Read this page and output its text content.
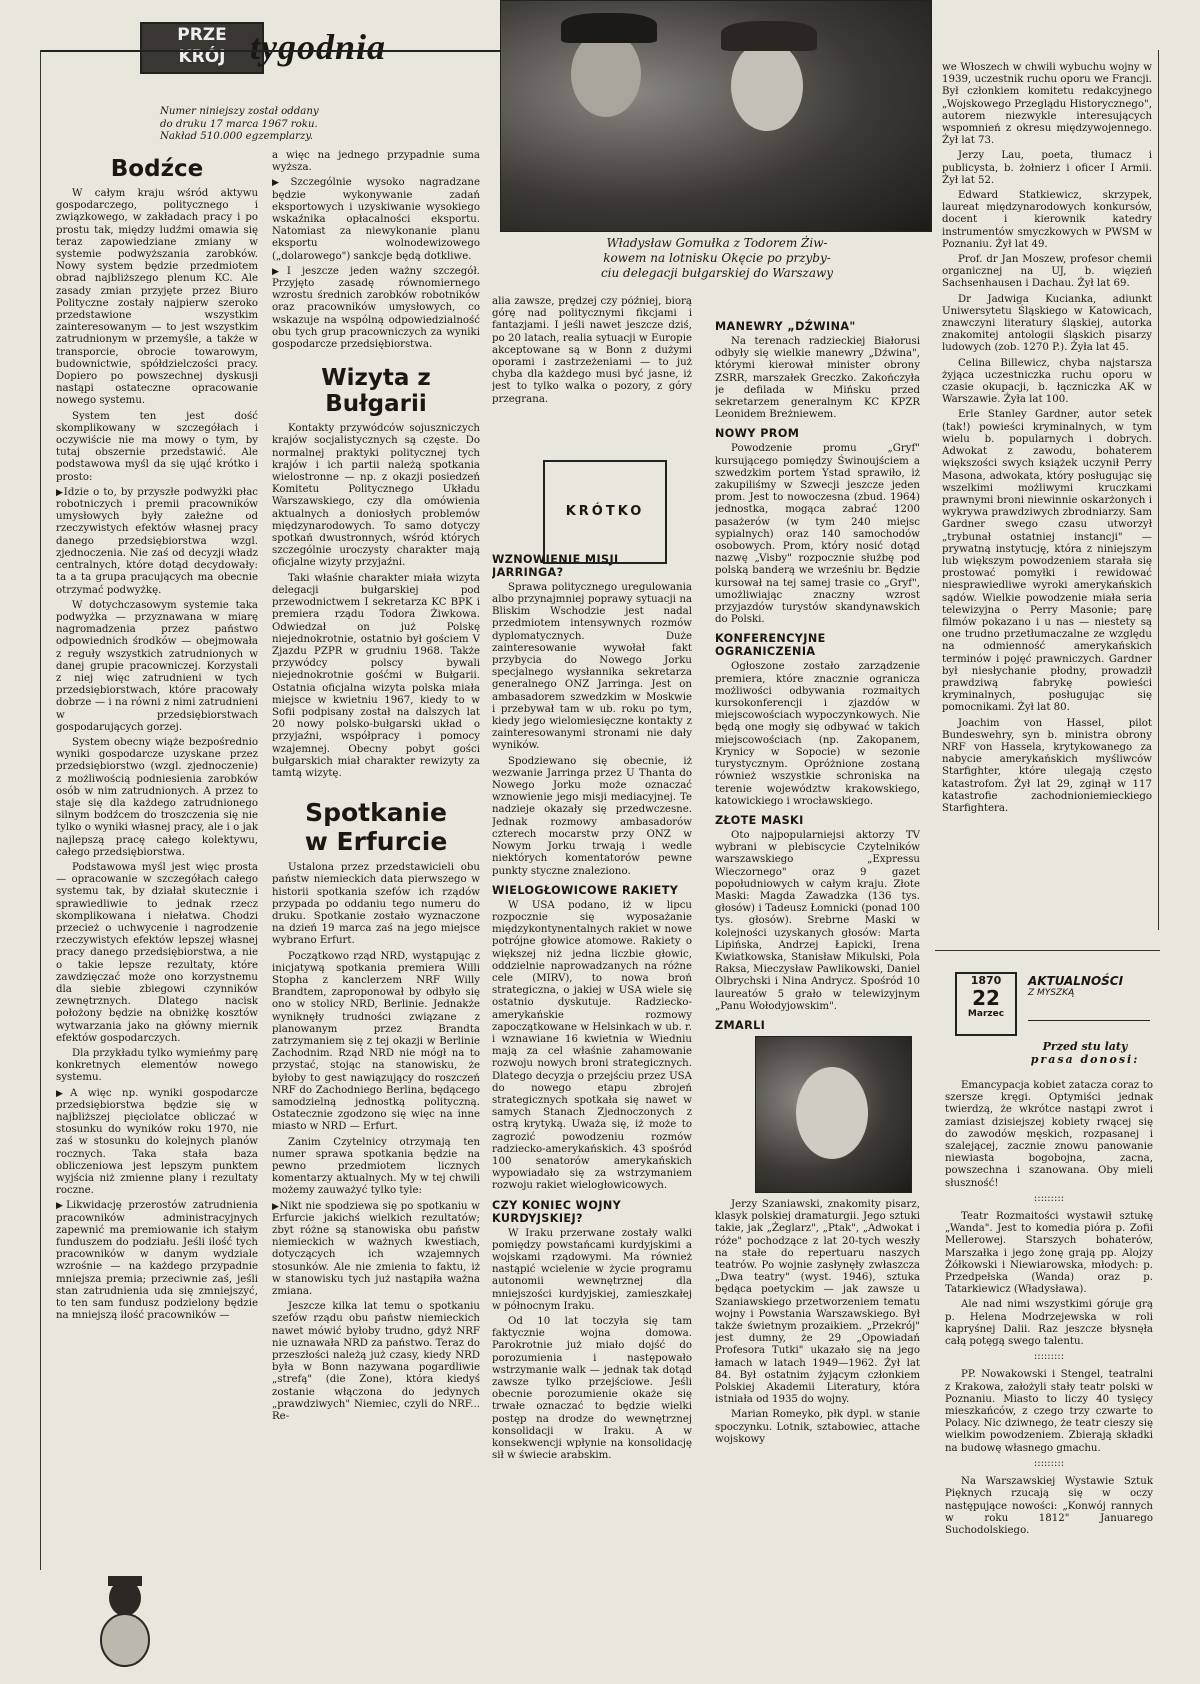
PRZE
KRÓJ tygodnia
Numer niniejszy został oddany
do druku 17 marca 1967 roku.
Nakład 510.000 egzemplarzy.
Bodźce

W całym kraju wśród aktywu gospodarczego, politycznego i związkowego, w zakładach pracy i po prostu tak, między ludźmi omawia się teraz zapowiedziane zmiany w systemie podwyższania zarobków. Nowy system będzie przedmiotem obrad najbliższego plenum KC. Ale zasady zmian przyjęte przez Biuro Polityczne zostały najpierw szeroko przedstawione wszystkim zainteresowanym — to jest wszystkim zatrudnionym w przemyśle, a także w transporcie, obrocie towarowym, budownictwie, spółdzielczości pracy. Dopiero po powszechnej dyskusji nastąpi ostateczne opracowanie nowego systemu.

System ten jest dość skomplikowany w szczegółach i oczywiście nie ma mowy o tym, by tutaj obszernie przedstawić. Ale podstawowa myśl da się ująć krótko i prosto:

▶ Idzie o to, by przyszłe podwyżki płac robotniczych i premii pracowników umysłowych były załeżne od rzeczywistych efektów własnej pracy danego przedsiębiorstwa wzgl. zjednoczenia. Nie zaś od decyzji władz centralnych, które dotąd decydowały: ta a ta grupa pracujących ma obecnie otrzymać podwyżkę.

W dotychczasowym systemie taka podwyżka — przyznawana w miarę nagromadzenia przez państwo odpowiednich środków — obejmowała z reguły wszystkich zatrudnionych w danej grupie pracowniczej. Korzystali z niej więc zatrudnieni w tych przedsiębiorstwach, które pracowały dobrze — i na równi z nimi zatrudnieni w przedsiębiorstwach gospodarujących gorzej.

System obecny wiąże bezpośrednio wyniki gospodarcze uzyskane przez przedsiębiorstwo (wzgl. zjednoczenie) z możliwością podniesienia zarobków osób w nim zatrudnionych. A przez to staje się dla każdego zatrudnionego silnym bodźcem do troszczenia się nie tylko o wyniki własnej pracy, ale i o jak najlepszą pracę całego kolektywu, całego przedsiębiorstwa.

Podstawowa myśl jest więc prosta — opracowanie w szczegółach całego systemu tak, by działał skutecznie i sprawiedliwie to jednak rzecz skomplikowana i niełatwa. Chodzi przecież o uchwycenie i nagrodzenie rzeczywistych efektów lepszej własnej pracy danego przedsiębiorstwa, a nie o takie lepsze rezultaty, które zawdzięczać może ono korzystnemu dla siebie zbiegowi czynników zewnętrznych. Dlatego nacisk położony będzie na obniżkę kosztów wytwarzania jako na główny miernik efektów gospodarczych.

Dla przykładu tylko wymieńmy parę konkretnych elementów nowego systemu.

▶ A więc np. wyniki gospodarcze przedsiębiorstwa będzie się w najbliższej pięciolatce obliczać w stosunku do wyników roku 1970, nie zaś w stosunku do kolejnych planów rocznych. Taka stała baza obliczeniowa jest lepszym punktem wyjścia niż zmienne plany i rezultaty roczne.

▶ Likwidację przerostów zatrudnienia pracowników administracyjnych zapewnić ma premiowanie ich stałym funduszem do podziału. Jeśli ilość tych pracowników w danym wydziale wzrośnie — na każdego przypadnie mniejsza premia; przeciwnie zaś, jeśli stan zatrudnienia uda się zmniejszyć, to ten sam fundusz podzielony będzie na mniejszą ilość pracowników —

a więc na jednego przypadnie suma wyższa.

▶ Szczególnie wysoko nagradzane będzie wykonywanie zadań eksportowych i uzyskiwanie wysokiego wskaźnika opłacalności eksportu. Natomiast za niewykonanie planu eksportu wolnodewizowego („dolarowego") sankcje będą dotkliwe.

▶ I jeszcze jeden ważny szczegół. Przyjęto zasadę równomiernego wzrostu średnich zarobków robotników oraz pracowników umysłowych, co wskazuje na wspólną odpowiedzialność obu tych grup pracowniczych za wyniki gospodarcze przedsiębiorstwa.

Wizyta z Bułgarii

Kontakty przywódców sojuszniczych krajów socjalistycznych są częste. Do normalnej praktyki politycznej tych krajów i ich partii należą spotkania wielostronne — np. z okazji posiedzeń Komitetu Politycznego Układu Warszawskiego, czy dla omówienia aktualnych a doniosłych problemów międzynarodowych. To samo dotyczy spotkań dwustronnych, wśród których szczególnie uroczysty charakter mają oficjalne wizyty przyjaźni.

Taki właśnie charakter miała wizyta delegacji bułgarskiej pod przewodnictwem I sekretarza KC BPK i premiera rządu Todora Żiwkowa. Odwiedzał on już Polskę niejednokrotnie, ostatnio był gościem V Zjazdu PZPR w grudniu 1968. Także przywódcy polscy bywali niejednokrotnie gośćmi w Bułgarii. Ostatnia oficjalna wizyta polska miała miejsce w kwietniu 1967, kiedy to w Sofii podpisany został na dalszych lat 20 nowy polsko-bułgarski układ o przyjaźni, współpracy i pomocy wzajemnej. Obecny pobyt gości bułgarskich miał charakter rewizyty za tamtą wizytę.

Spotkanie
w Erfurcie

Ustalona przez przedstawicieli obu państw niemieckich data pierwszego w historii spotkania szefów ich rządów przypada po oddaniu tego numeru do druku. Spotkanie zostało wyznaczone na dzień 19 marca zaś na jego miejsce wybrano Erfurt.

Początkowo rząd NRD, wystąpując z inicjatywą spotkania premiera Willi Stopha z kanclerzem NRF Willy Brandtem, zaproponował by odbyło się ono w stolicy NRD, Berlinie. Jednakże wyniknęły trudności związane z planowanym przez Brandta zatrzymaniem się z tej okazji w Berlinie Zachodnim. Rząd NRD nie mógł na to przystać, stojąc na stanowisku, że byłoby to gest nawiązujący do roszczeń NRF do Zachodniego Berlina, będącego samodzielną jednostką polityczną. Ostatecznie zgodzono się więc na inne miasto w NRD — Erfurt.

Zanim Czytelnicy otrzymają ten numer sprawa spotkania będzie na pewno przedmiotem licznych komentarzy aktualnych. My w tej chwili możemy zauważyć tylko tyle:

▶ Nikt nie spodziewa się po spotkaniu w Erfurcie jakichś wielkich rezultatów; zbyt różne są stanowiska obu państw niemieckich w ważnych kwestiach, dotyczących ich wzajemnych stosunków. Ale nie zmienia to faktu, iż w stanowisku tych już nastąpiła ważna zmiana.

Jeszcze kilka lat temu o spotkaniu szefów rządu obu państw niemieckich nawet mówić byłoby trudno, gdyż NRF nie uznawała NRD za państwo. Teraz do przeszłości należą już czasy, kiedy NRD była w Bonn nazywana pogardliwie „strefą" (die Zone), która kiedyś zostanie włączona do jedynych „prawdziwych" Niemiec, czyli do NRF... Re-

Władysław Gomułka z Todorem Żiw-
kowem na lotnisku Okęcie po przyby-
ciu delegacji bułgarskiej do Warszawy

alia zawsze, prędzej czy później, biorą górę nad politycznymi fikcjami i fantazjami. I jeśli nawet jeszcze dziś, po 20 latach, realia sytuacji w Europie akceptowane są w Bonn z dużymi oporami i zastrzeżeniami — to już chyba dla każdego musi być jasne, iż jest to tylko walka o pozory, z góry przegrana.

WZNOWIENIE MISJI JARRINGA?

Sprawa politycznego uregulowania albo przynajmniej poprawy sytuacji na Bliskim Wschodzie jest nadal przedmiotem intensywnych rozmów dyplomatycznych. Duże zainteresowanie wywołał fakt przybycia do Nowego Jorku specjalnego wysłannika sekretarza generalnego ONZ Jarringa. Jest on ambasadorem szwedzkim w Moskwie i przebywał tam w ub. roku po tym, kiedy jego wielomiesięczne kontakty z zainteresowanymi stronami nie dały wyników.

Spodziewano się obecnie, iż wezwanie Jarringa przez U Thanta do Nowego Jorku może oznaczać wznowienie jego misji mediacyjnej. Te nadzieje okazały się przedwczesne. Jednak rozmowy ambasadorów czterech mocarstw przy ONZ w Nowym Jorku trwają i wedle niektórych komentatorów pewne punkty styczne znaleziono.

WIELOGŁOWICOWE RAKIETY

W USA podano, iż w lipcu rozpocznie się wyposażanie międzykontynentalnych rakiet w nowe potrójne głowice atomowe. Rakiety o większej niż jedna liczbie głowic, oddzielnie naprowadzanych na różne cele (MIRV), to nowa broń strategiczna, o jakiej w USA wiele się ostatnio dyskutuje. Radziecko-amerykańskie rozmowy zapoczątkowane w Helsinkach w ub. r. i wznawiane 16 kwietnia w Wiedniu mają za cel właśnie zahamowanie rozwoju nowych broni strategicznych. Dlatego decyzja o przejściu przez USA do nowego etapu zbrojeń strategicznych spotkała się nawet w samych Stanach Zjednoczonych z ostrą krytyką. Uważa się, iż może to zagrozić powodzeniu rozmów radziecko-amerykańskich. 43 spośród 100 senatorów amerykańskich wypowiadało się za wstrzymaniem rozwoju rakiet wielogłowicowych.

CZY KONIEC WOJNY KURDYJSKIEJ?

W Iraku przerwane zostały walki pomiędzy powstańcami kurdyjskimi a wojskami rządowymi. Ma również nastąpić wcielenie w życie programu autonomii wewnętrznej dla mniejszości kurdyjskiej, zamieszkałej w północnym Iraku.

Od 10 lat toczyła się tam faktycznie wojna domowa. Parokrotnie już miało dojść do porozumienia i następowało wstrzymanie walk — jednak tak dotąd zawsze tylko przejściowe. Jeśli obecnie porozumienie okaże się trwałe oznaczać to będzie wielki postęp na drodze do wewnętrznej konsolidacji w Iraku. A w konsekwencji wpłynie na konsolidację sił w świecie arabskim.

KRÓTKO
MANEWRY „DŹWINA"

Na terenach radzieckiej Białorusi odbyły się wielkie manewry „Dźwina", którymi kierował minister obrony ZSRR, marszałek Greczko. Zakończyła je defilada w Mińsku przed sekretarzem generalnym KC KPZR Leonidem Breżniewem.

NOWY PROM

Powodzenie promu „Gryf" kursującego pomiędzy Świnoujściem a szwedzkim portem Ystad sprawiło, iż zakupiliśmy w Szwecji jeszcze jeden prom. Jest to nowoczesna (zbud. 1964) jednostka, mogąca zabrać 1200 pasażerów (w tym 240 miejsc sypialnych) oraz 140 samochodów osobowych. Prom, który nosić dotąd nazwę „Visby" rozpocznie służbę pod polską banderą we wrześniu br. Będzie kursował na tej samej trasie co „Gryf", umożliwiając znaczny wzrost przyjazdów turystów skandynawskich do Polski.

KONFERENCYJNE OGRANICZENIA

Ogłoszone zostało zarządzenie premiera, które znacznie ogranicza możliwości odbywania rozmaitych kursokonferencji i zjazdów w miejscowościach wypoczynkowych. Nie będą one mogły się odbywać w takich miejscowościach (np. Zakopanem, Krynicy w Sopocie) w sezonie turystycznym. Opróżnione zostaną również wszystkie schroniska na terenie województw krakowskiego, katowickiego i wrocławskiego.

ZŁOTE MASKI

Oto najpopularniejsi aktorzy TV wybrani w plebiscycie Czytelników warszawskiego „Expressu Wieczornego" oraz 9 gazet popołudniowych w całym kraju. Złote Maski: Magda Zawadzka (136 tys. głosów) i Tadeusz Łomnicki (ponad 100 tys. głosów). Srebrne Maski w kolejności uzyskanych głosów: Marta Lipińska, Andrzej Łapicki, Irena Kwiatkowska, Stanisław Mikulski, Pola Raksa, Mieczysław Pawlikowski, Daniel Olbrychski i Nina Andrycz. Spośród 10 laureatów 5 grało w telewizyjnym „Panu Wołodyjowskim".

ZMARLI

Jerzy Szaniawski, znakomity pisarz, klasyk polskiej dramaturgii. Jego sztuki takie, jak „Żeglarz", „Ptak", „Adwokat i róże" pochodzące z lat 20-tych weszły na stałe do repertuaru naszych teatrów. Po wojnie zasłynęły zwłaszcza „Dwa teatry" (wyst. 1946), sztuka będąca poetyckim — jak zawsze u Szaniawskiego przetworzeniem tematu wojny i Powstania Warszawskiego. Był także świetnym prozaikiem. „Przekrój" jest dumny, że 29 „Opowiadań Profesora Tutki" ukazało się na jego łamach w latach 1949—1962. Żył lat 84. Był ostatnim żyjącym członkiem Polskiej Akademii Literatury, która istniała od 1935 do wojny.

Marian Romeyko, płk dypl. w stanie spoczynku. Lotnik, sztabowiec, attache wojskowy

we Włoszech w chwili wybuchu wojny w 1939, uczestnik ruchu oporu we Francji. Był członkiem komitetu redakcyjnego „Wojskowego Przeglądu Historycznego", autorem niezwykle interesujących wspomnień z okresu międzywojennego. Żył lat 73.

Jerzy Lau, poeta, tłumacz i publicysta, b. żołnierz i oficer I Armii. Żył lat 52.

Edward Statkiewicz, skrzypek, laureat międzynarodowych konkursów, docent i kierownik katedry instrumentów smyczkowych w PWSM w Poznaniu. Żył lat 49.

Prof. dr Jan Moszew, profesor chemii organicznej na UJ, b. więzień Sachsenhausen i Dachau. Żył lat 69.

Dr Jadwiga Kucianka, adiunkt Uniwersytetu Śląskiego w Katowicach, znawczyni literatury śląskiej, autorka znakomitej antologii śląskich pisarzy ludowych (zob. 1270 P.). Żyła lat 45.

Celina Billewicz, chyba najstarsza żyjąca uczestniczka ruchu oporu w czasie okupacji, b. łączniczka AK w Warszawie. Żyła lat 100.

Erle Stanley Gardner, autor setek (tak!) powieści kryminalnych, w tym wielu b. popularnych i dobrych. Adwokat z zawodu, bohaterem większości swych książek uczynił Perry Masona, adwokata, który posługując się wszelkimi możliwymi kruczkami prawnymi broni niewinnie oskarżonych i wykrywa prawdziwych zbrodniarzy. Sam Gardner swego czasu utworzył „trybunał ostatniej instancji" — prywatną instytucję, która z niniejszym lub większym powodzeniem starała się prostować pomyłki i rewidować niesprawiedliwe wyroki amerykańskich sądów. Wielkie powodzenie miała seria telewizyjna o Perry Masonie; parę filmów pokazano i u nas — niestety są one trudno przetłumaczalne ze względu na odmienność amerykańskich terminów i pojęć prawniczych. Gardner był niesłychanie płodny, prowadził prawdziwą fabrykę powieści kryminalnych, posługując się pomocnikami. Żył lat 80.

Joachim von Hassel, pilot Bundeswehry, syn b. ministra obrony NRF von Hassela, krytykowanego za nabycie amerykańskich myśliwców Starfighter, które ulegają często katastrofom. Żył lat 29, zginął w 117 katastrofie zachodnioniemieckiego Starfightera.

1870
22
Marzec
AKTUALNOŚCI
Z MYSZKĄ
Przed stu laty
prasa donosi:

Emancypacja kobiet zatacza coraz to szersze kręgi. Optymiści jednak twierdzą, że wkrótce nastąpi zwrot i zamiast dzisiejszej kobiety rwącej się do zawodów męskich, rozpasanej i szalejącej, zacznie znowu panowanie niewiasta bogobojna, zacna, powszechna i szanowana. Oby mieli słuszność!

:::::::::

Teatr Rozmaitości wystawił sztukę „Wanda". Jest to komedia pióra p. Zofii Mellerowej. Starszych bohaterów, Marszałka i jego żonę grają pp. Alojzy Żółkowski i Niewiarowska, młodych: p. Przedpełska (Wanda) oraz p. Tatarkiewicz (Władysława).

Ale nad nimi wszystkimi góruje grą p. Helena Modrzejewska w roli kapryśnej Dalii. Raz jeszcze błysnęła całą potęgą swego talentu.

:::::::::

PP. Nowakowski i Stengel, teatralni z Krakowa, założyli stały teatr polski w Poznaniu. Miasto to liczy 40 tysięcy mieszkańców, z czego trzy czwarte to Polacy. Nic dziwnego, że teatr cieszy się wielkim powodzeniem. Zbierają składki na budowę własnego gmachu.

:::::::::

Na Warszawskiej Wystawie Sztuk Pięknych rzucają się w oczy następujące nowości: „Konwój rannych w roku 1812" Januarego Suchodolskiego.
